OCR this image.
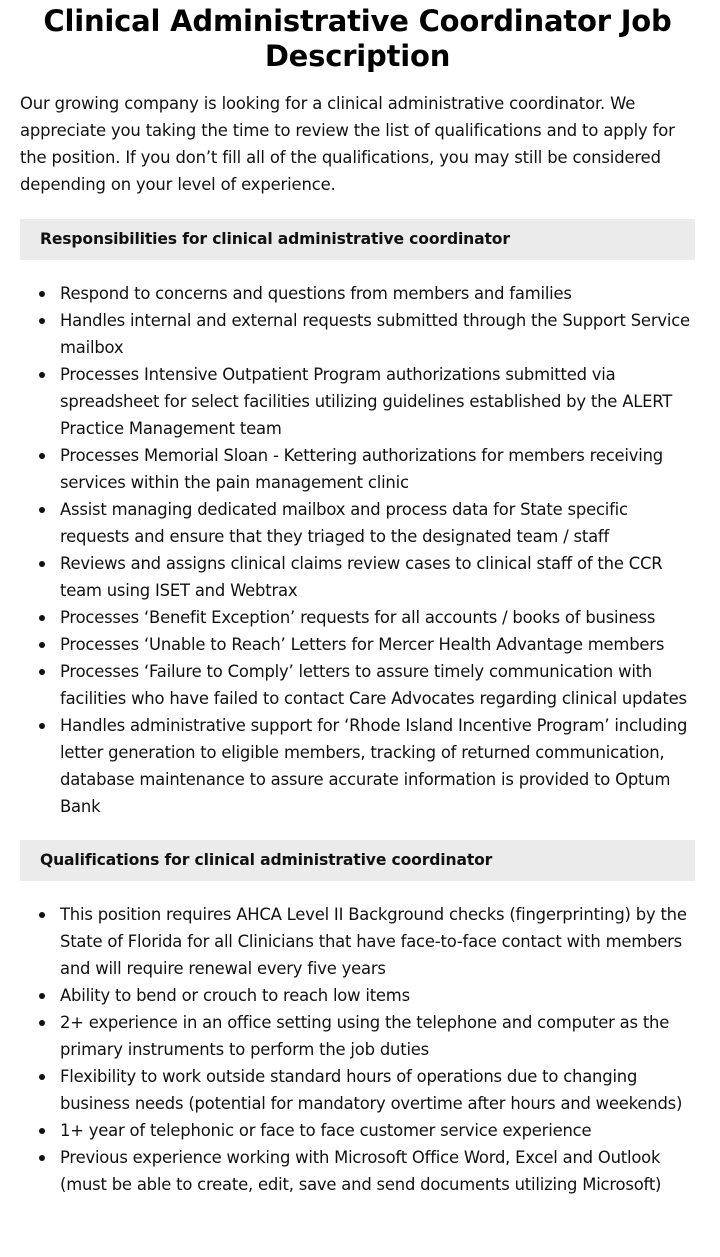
Clinical Administrative Coordinator Job Description

Our growing company is looking for a clinical administrative coordinator. We appreciate you taking the time to review the list of qualifications and to apply for the position. If you don’t fill all of the qualifications, you may still be considered depending on your level of experience.

Responsibilities for clinical administrative coordinator
Respond to concerns and questions from members and families
Handles internal and external requests submitted through the Support Service mailbox
Processes Intensive Outpatient Program authorizations submitted via spreadsheet for select facilities utilizing guidelines established by the ALERT Practice Management team
Processes Memorial Sloan - Kettering authorizations for members receiving services within the pain management clinic
Assist managing dedicated mailbox and process data for State specific requests and ensure that they triaged to the designated team / staff
Reviews and assigns clinical claims review cases to clinical staff of the CCR team using ISET and Webtrax
Processes ‘Benefit Exception’ requests for all accounts / books of business
Processes ‘Unable to Reach’ Letters for Mercer Health Advantage members
Processes ‘Failure to Comply’ letters to assure timely communication with facilities who have failed to contact Care Advocates regarding clinical updates
Handles administrative support for ‘Rhode Island Incentive Program’ including letter generation to eligible members, tracking of returned communication, database maintenance to assure accurate information is provided to Optum Bank
Qualifications for clinical administrative coordinator
This position requires AHCA Level II Background checks (fingerprinting) by the State of Florida for all Clinicians that have face-to-face contact with members and will require renewal every five years
Ability to bend or crouch to reach low items
2+ experience in an office setting using the telephone and computer as the primary instruments to perform the job duties
Flexibility to work outside standard hours of operations due to changing business needs (potential for mandatory overtime after hours and weekends)
1+ year of telephonic or face to face customer service experience
Previous experience working with Microsoft Office Word, Excel and Outlook (must be able to create, edit, save and send documents utilizing Microsoft)
